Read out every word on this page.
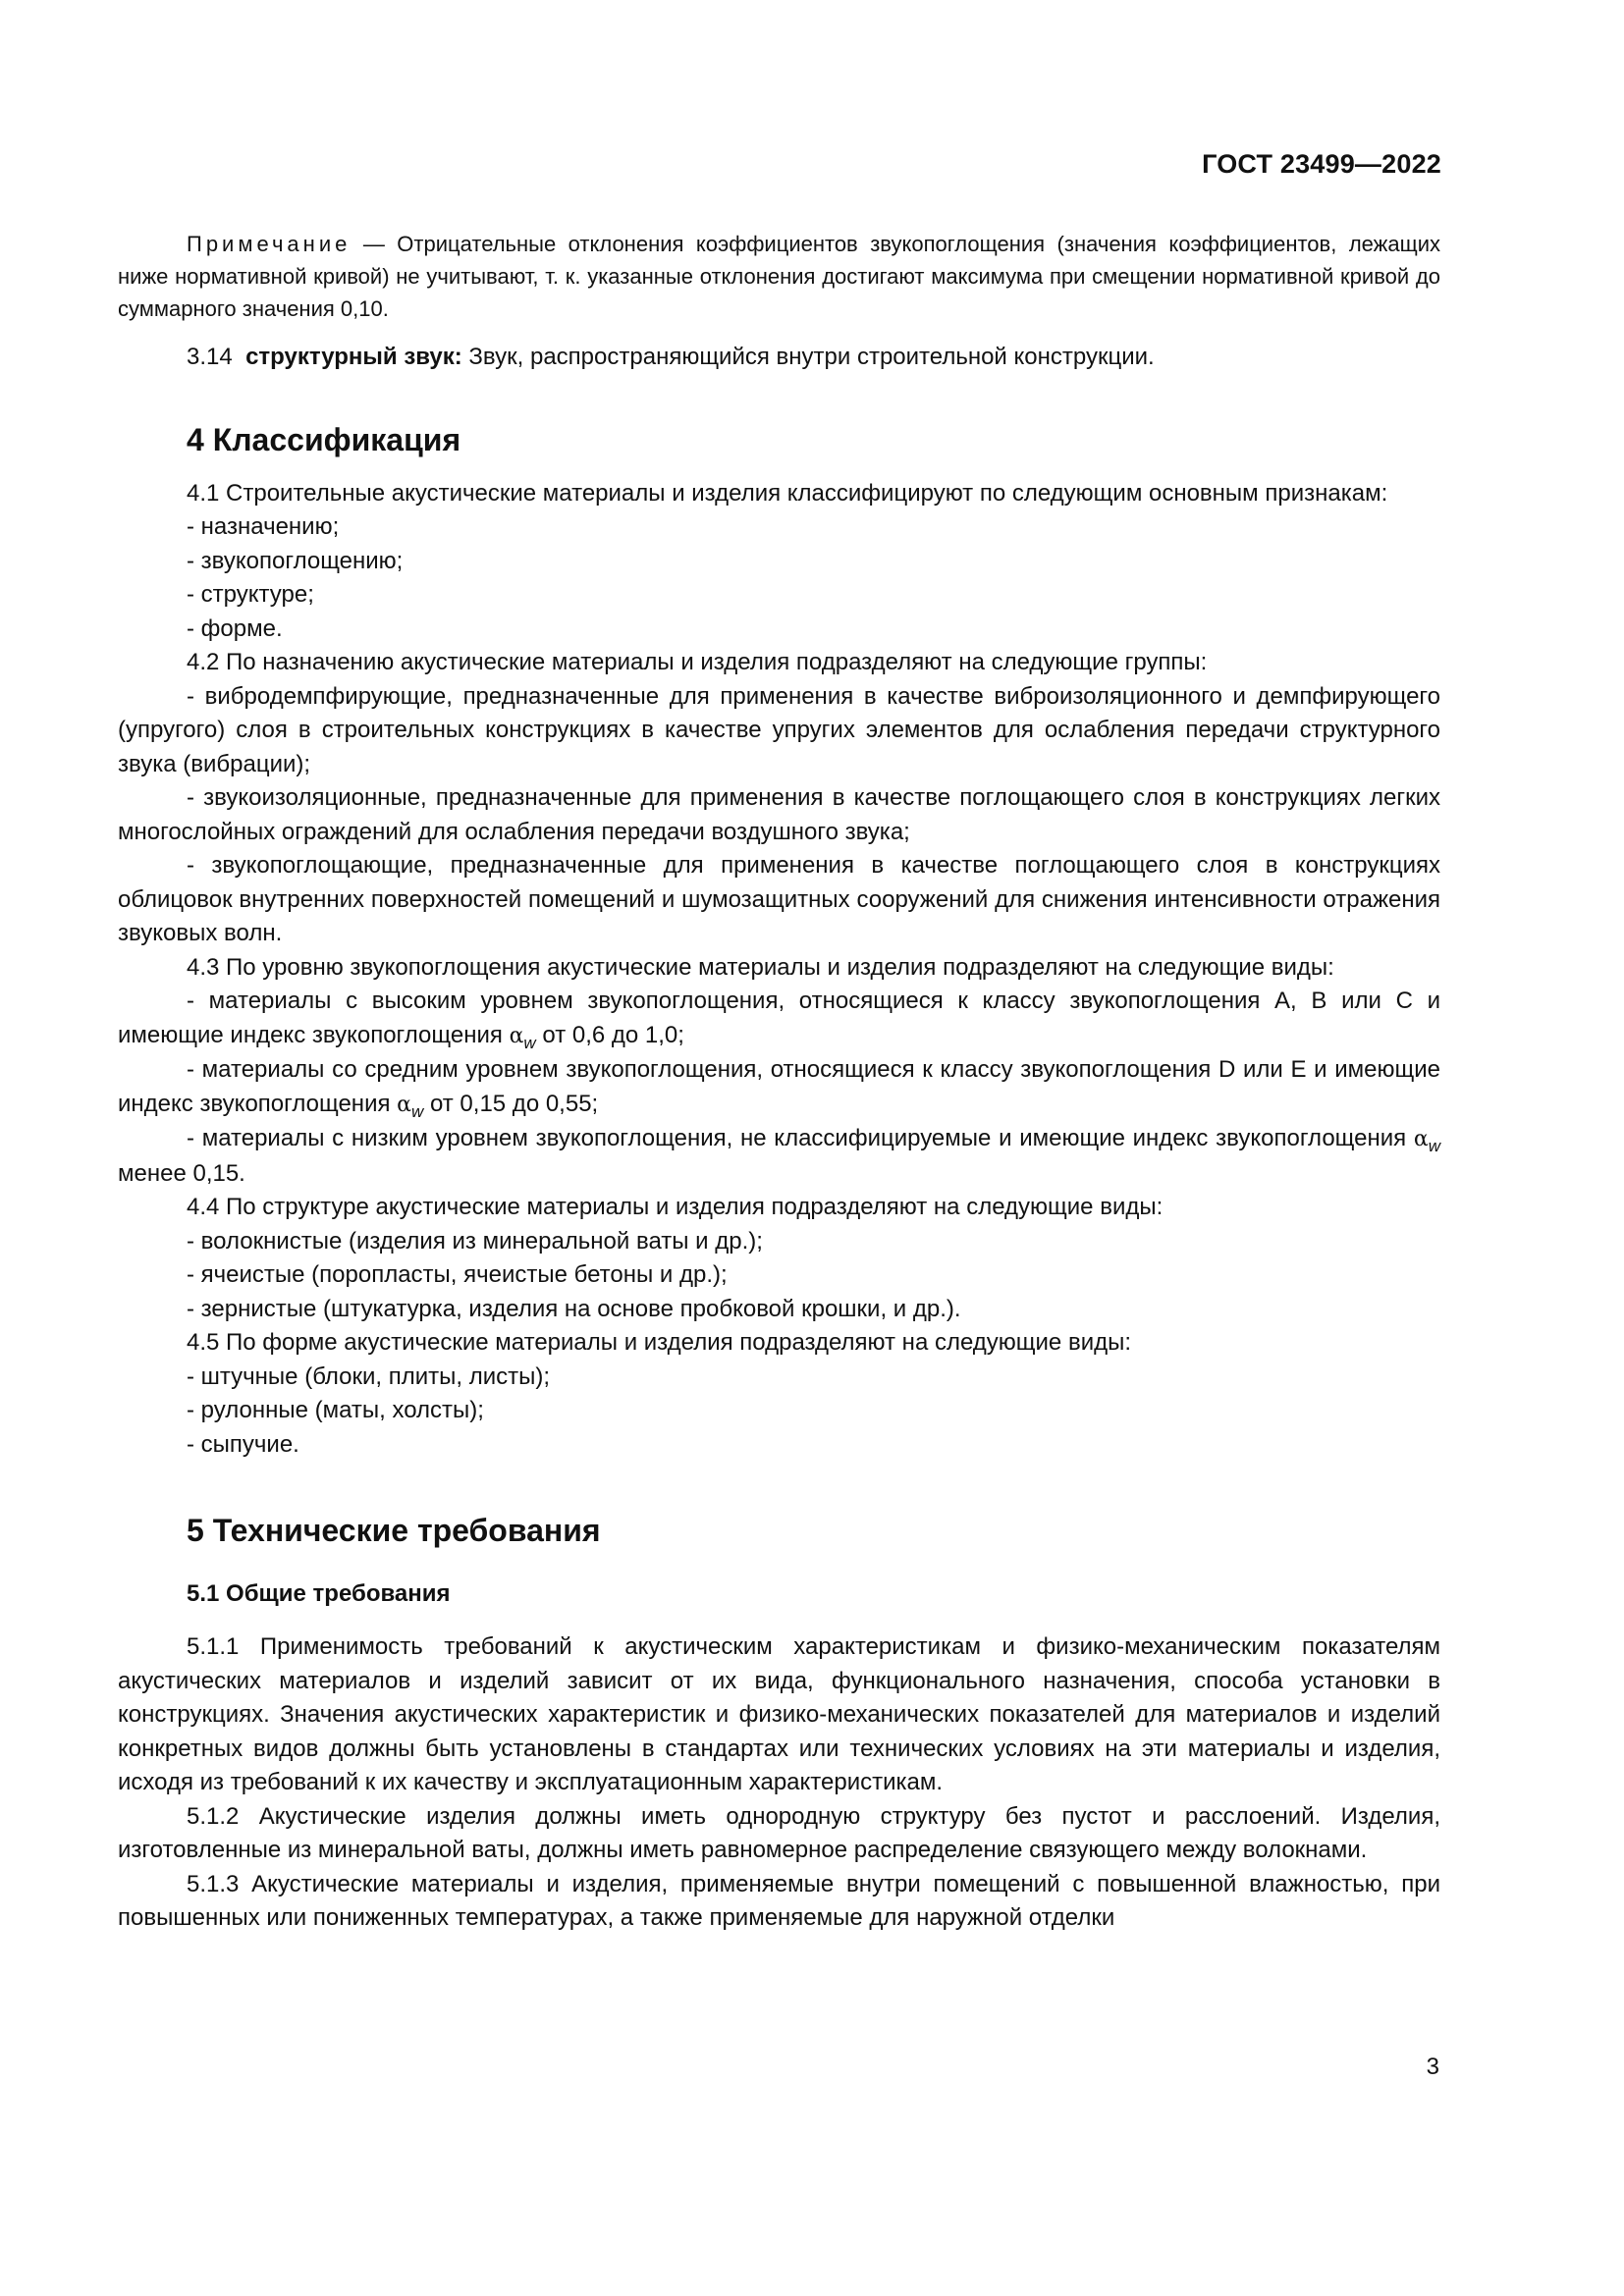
ГОСТ 23499—2022

Примечание — Отрицательные отклонения коэффициентов звукопоглощения (значения коэффициентов, лежащих ниже нормативной кривой) не учитывают, т. к. указанные отклонения достигают максимума при смещении нормативной кривой до суммарного значения 0,10.

3.14 структурный звук: Звук, распространяющийся внутри строительной конструкции.

4 Классификация

4.1 Строительные акустические материалы и изделия классифицируют по следующим основным признакам:

- назначению;

- звукопоглощению;

- структуре;

- форме.

4.2 По назначению акустические материалы и изделия подразделяют на следующие группы:

- вибродемпфирующие, предназначенные для применения в качестве виброизоляционного и демпфирующего (упругого) слоя в строительных конструкциях в качестве упругих элементов для ослабления передачи структурного звука (вибрации);

- звукоизоляционные, предназначенные для применения в качестве поглощающего слоя в конструкциях легких многослойных ограждений для ослабления передачи воздушного звука;

- звукопоглощающие, предназначенные для применения в качестве поглощающего слоя в конструкциях облицовок внутренних поверхностей помещений и шумозащитных сооружений для снижения интенсивности отражения звуковых волн.

4.3 По уровню звукопоглощения акустические материалы и изделия подразделяют на следующие виды:

- материалы с высоким уровнем звукопоглощения, относящиеся к классу звукопоглощения А, В или С и имеющие индекс звукопоглощения $\alpha_w$ от 0,6 до 1,0;

- материалы со средним уровнем звукопоглощения, относящиеся к классу звукопоглощения D или E и имеющие индекс звукопоглощения $\alpha_w$ от 0,15 до 0,55;

- материалы с низким уровнем звукопоглощения, не классифицируемые и имеющие индекс звукопоглощения $\alpha_w$ менее 0,15.

4.4 По структуре акустические материалы и изделия подразделяют на следующие виды:

- волокнистые (изделия из минеральной ваты и др.);

- ячеистые (поропласты, ячеистые бетоны и др.);

- зернистые (штукатурка, изделия на основе пробковой крошки, и др.).

4.5 По форме акустические материалы и изделия подразделяют на следующие виды:

- штучные (блоки, плиты, листы);

- рулонные (маты, холсты);

- сыпучие.

5 Технические требования
5.1 Общие требования

5.1.1 Применимость требований к акустическим характеристикам и физико-механическим показателям акустических материалов и изделий зависит от их вида, функционального назначения, способа установки в конструкциях. Значения акустических характеристик и физико-механических показателей для материалов и изделий конкретных видов должны быть установлены в стандартах или технических условиях на эти материалы и изделия, исходя из требований к их качеству и эксплуатационным характеристикам.

5.1.2 Акустические изделия должны иметь однородную структуру без пустот и расслоений. Изделия, изготовленные из минеральной ваты, должны иметь равномерное распределение связующего между волокнами.

5.1.3 Акустические материалы и изделия, применяемые внутри помещений с повышенной влажностью, при повышенных или пониженных температурах, а также применяемые для наружной отделки

3
